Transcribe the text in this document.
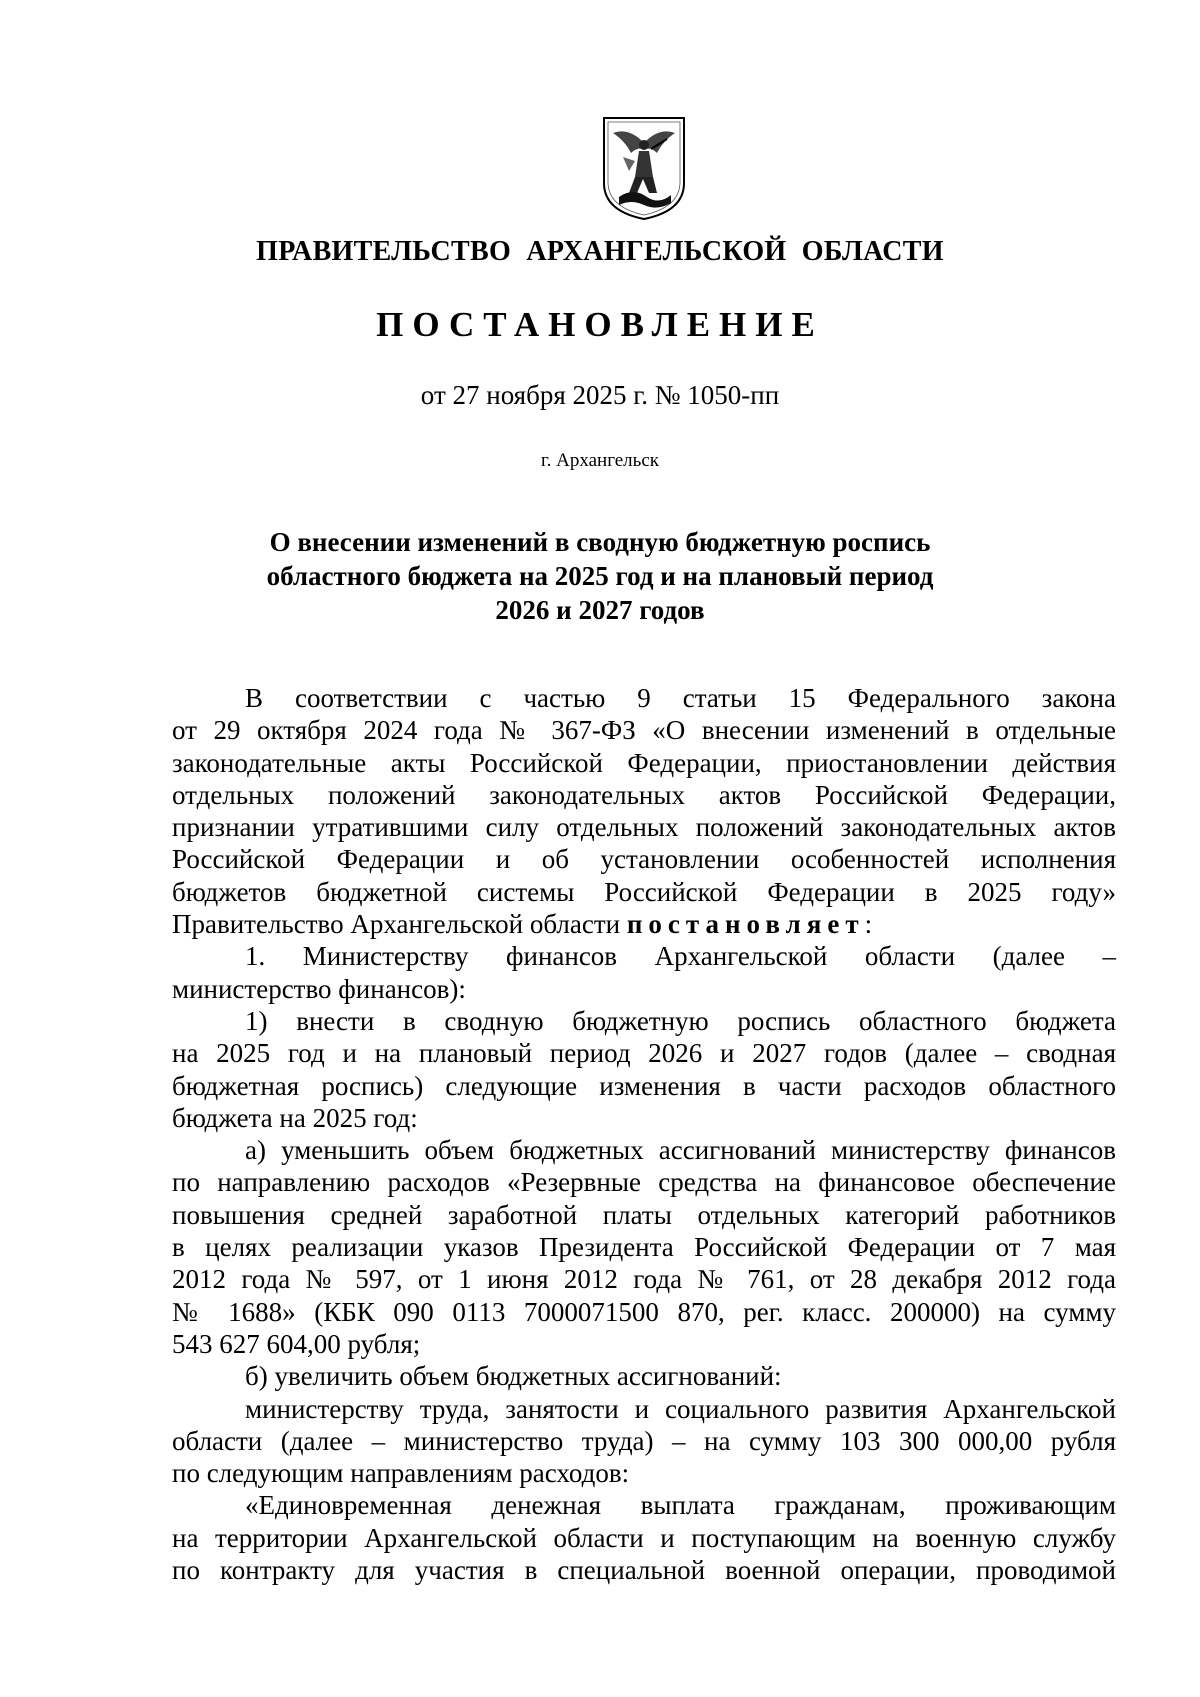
ПРАВИТЕЛЬСТВО АРХАНГЕЛЬСКОЙ ОБЛАСТИ
ПОСТАНОВЛЕНИЕ
от 27 ноября 2025 г. № 1050-пп
г. Архангельск
О внесении изменений в сводную бюджетную роспись
областного бюджета на 2025 год и на плановый период
2026 и 2027 годов
В соответствии с частью 9 статьи 15 Федерального закона
от 29 октября 2024 года № 367-ФЗ «О внесении изменений в отдельные
законодательные акты Российской Федерации, приостановлении действия
отдельных положений законодательных актов Российской Федерации,
признании утратившими силу отдельных положений законодательных актов
Российской Федерации и об установлении особенностей исполнения
бюджетов бюджетной системы Российской Федерации в 2025 году»
Правительство Архангельской области постановляет:
1. Министерству финансов Архангельской области (далее –
министерство финансов):
1) внести в сводную бюджетную роспись областного бюджета
на 2025 год и на плановый период 2026 и 2027 годов (далее – сводная
бюджетная роспись) следующие изменения в части расходов областного
бюджета на 2025 год:
а) уменьшить объем бюджетных ассигнований министерству финансов
по направлению расходов «Резервные средства на финансовое обеспечение
повышения средней заработной платы отдельных категорий работников
в целях реализации указов Президента Российской Федерации от 7 мая
2012 года № 597, от 1 июня 2012 года № 761, от 28 декабря 2012 года
№ 1688» (КБК 090 0113 7000071500 870, рег. класс. 200000) на сумму
543 627 604,00 рубля;
б) увеличить объем бюджетных ассигнований:
министерству труда, занятости и социального развития Архангельской
области (далее – министерство труда) – на сумму 103 300 000,00 рубля
по следующим направлениям расходов:
«Единовременная денежная выплата гражданам, проживающим
на территории Архангельской области и поступающим на военную службу
по контракту для участия в специальной военной операции, проводимой
